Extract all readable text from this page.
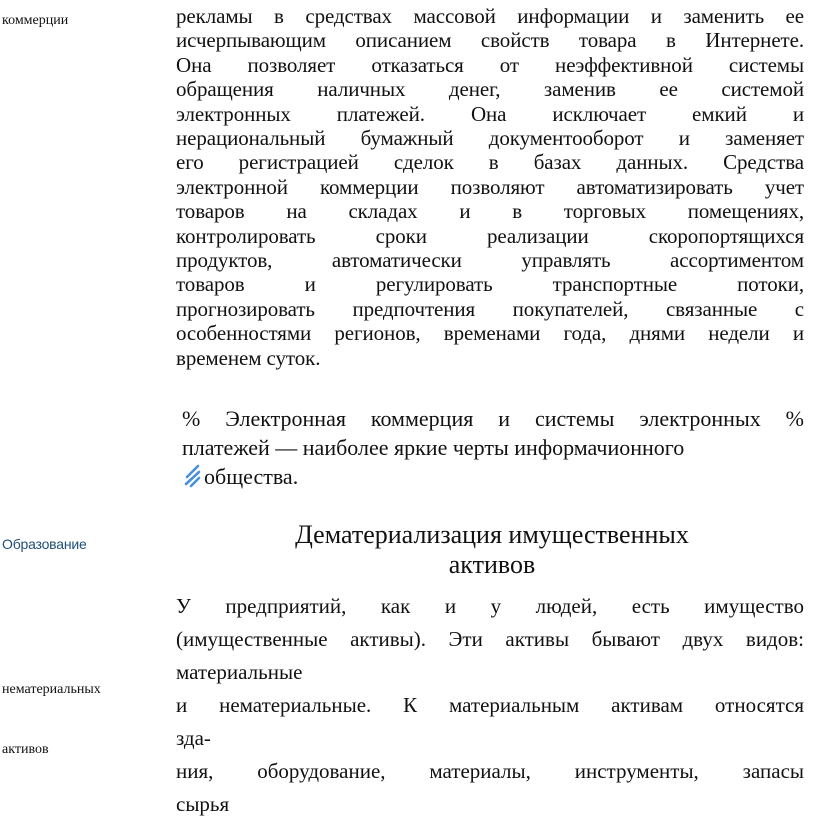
коммерции
Образование
нематериальных
активов
рекламы в средствах массовой информации и заменить ее
исчерпывающим описанием свойств товара в Интернете.
Она позволяет отказаться от неэффективной системы
обращения наличных денег, заменив ее системой
электронных платежей. Она исключает емкий и
нерациональный бумажный документооборот и заменяет
его регистрацией сделок в базах данных. Средства
электронной коммерции позволяют автоматизировать учет
товаров на складах и в торговых помещениях,
контролировать сроки реализации скоропортящихся
продуктов, автоматически управлять ассортиментом
товаров и регулировать транспортные потоки,
прогнозировать предпочтения покупателей, связанные с
особенностями регионов, временами года, днями недели и
временем суток.
% Электронная коммерция и системы электронных %
платежей — наиболее яркие черты информачионного
общества.
Дематериализация имущественных
активов
У предприятий, как и у людей, есть имущество
(имущественные активы). Эти активы бывают двух видов:
материальные
и нематериальные. К материальным активам относятся
зда-
ния, оборудование, материалы, инструменты, запасы
сырья
